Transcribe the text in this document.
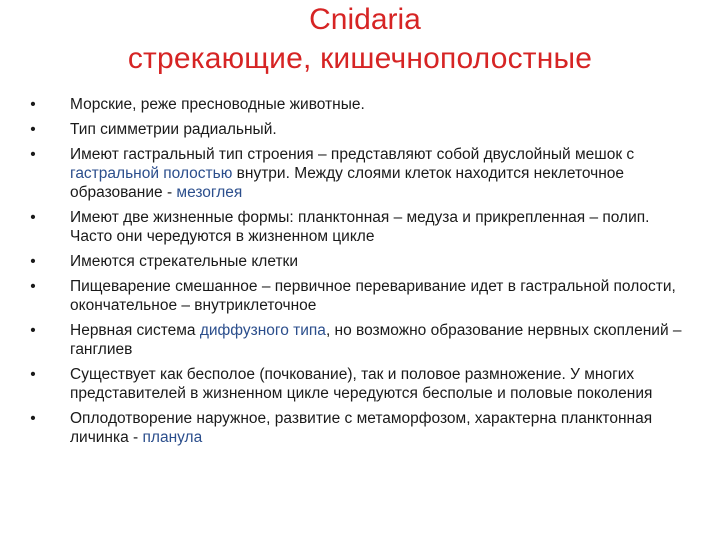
Cnidaria
стрекающие, кишечнополостные
• Морские, реже пресноводные животные.
• Тип симметрии радиальный.
• Имеют гастральный тип строения – представляют собой двуслойный мешок с гастральной полостью внутри. Между слоями клеток находится неклеточное образование - мезоглея
• Имеют две жизненные формы: планктонная – медуза и прикрепленная – полип. Часто они чередуются в жизненном цикле
• Имеются стрекательные клетки
• Пищеварение смешанное – первичное переваривание идет в гастральной полости, окончательное – внутриклеточное
• Нервная система диффузного типа, но возможно образование нервных скоплений – ганглиев
• Существует как бесполое (почкование), так и половое размножение. У многих представителей в жизненном цикле чередуются бесполые и половые поколения
• Оплодотворение наружное, развитие с метаморфозом, характерна планктонная личинка - планула
